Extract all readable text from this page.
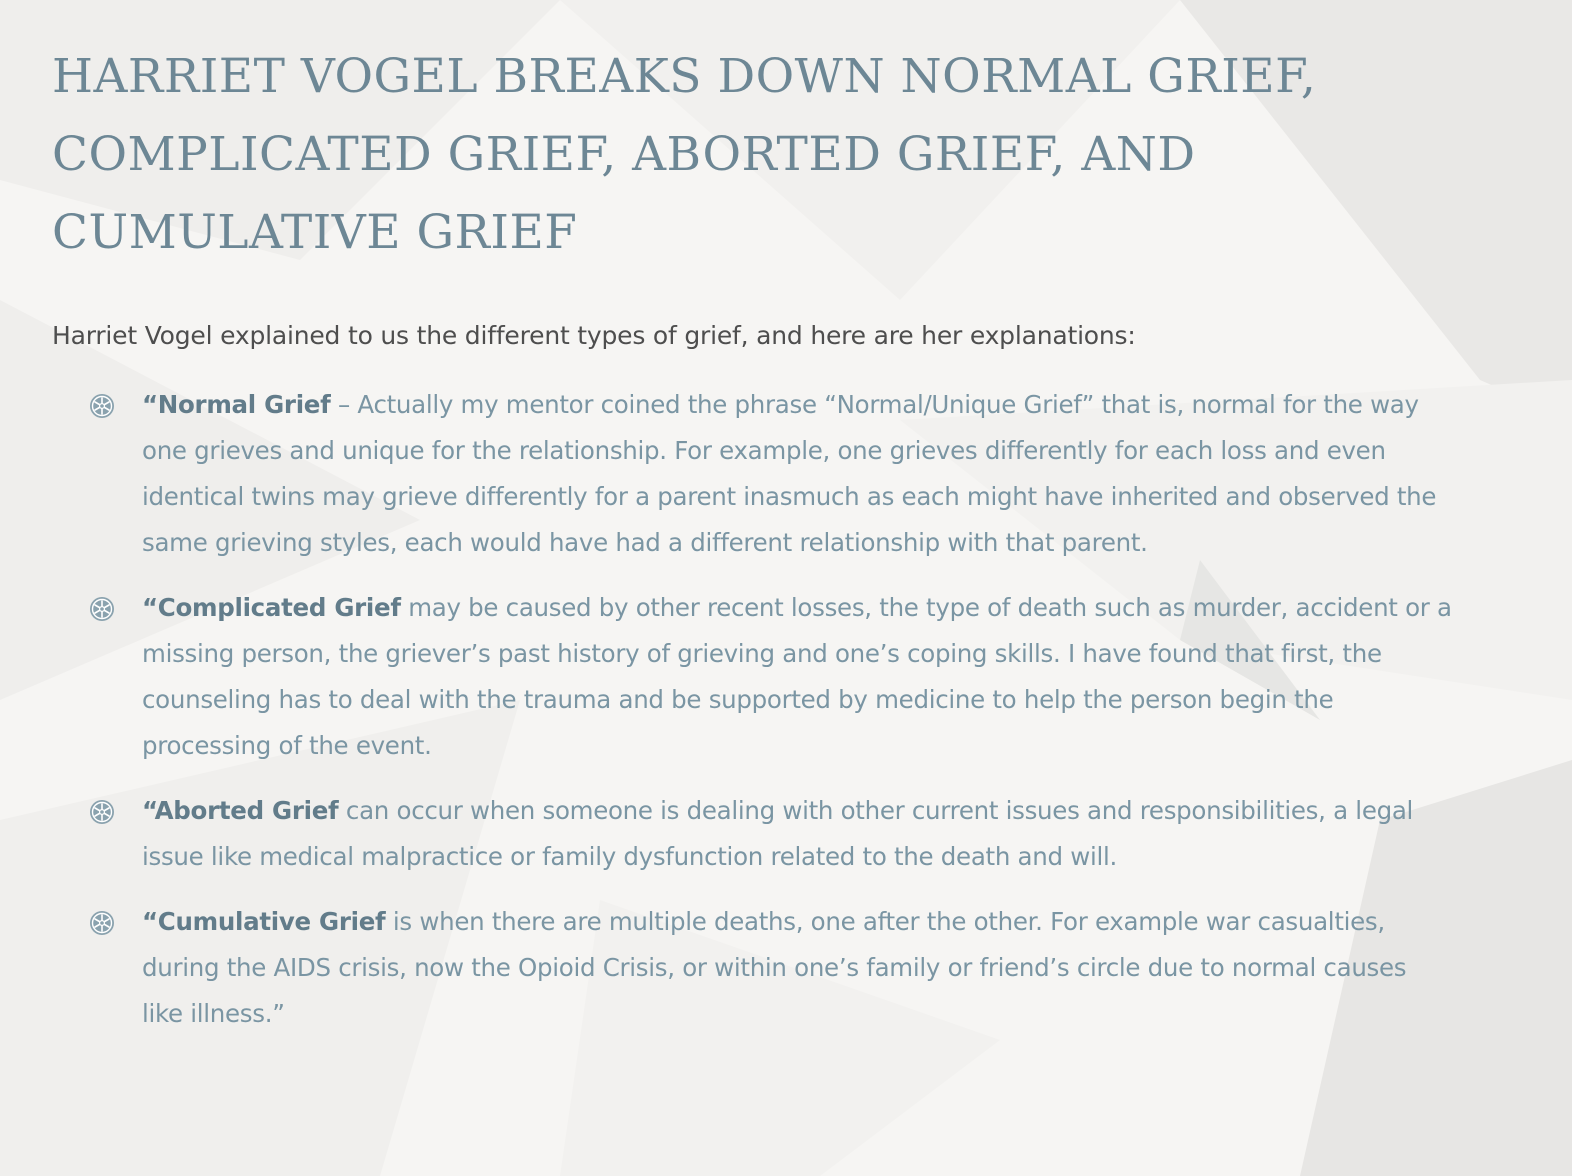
HARRIET VOGEL BREAKS DOWN NORMAL GRIEF, COMPLICATED GRIEF, ABORTED GRIEF, AND CUMULATIVE GRIEF

Harriet Vogel explained to us the different types of grief, and here are her explanations:

“Normal Grief – Actually my mentor coined the phrase “Normal/Unique Grief” that is, normal for the way one grieves and unique for the relationship. For example, one grieves differently for each loss and even identical twins may grieve differently for a parent inasmuch as each might have inherited and observed the same grieving styles, each would have had a different relationship with that parent.
“Complicated Grief may be caused by other recent losses, the type of death such as murder, accident or a missing person, the griever’s past history of grieving and one’s coping skills. I have found that first, the counseling has to deal with the trauma and be supported by medicine to help the person begin the processing of the event.
“Aborted Grief can occur when someone is dealing with other current issues and responsibilities, a legal issue like medical malpractice or family dysfunction related to the death and will.
“Cumulative Grief is when there are multiple deaths, one after the other. For example war casualties, during the AIDS crisis, now the Opioid Crisis, or within one’s family or friend’s circle due to normal causes like illness.”
